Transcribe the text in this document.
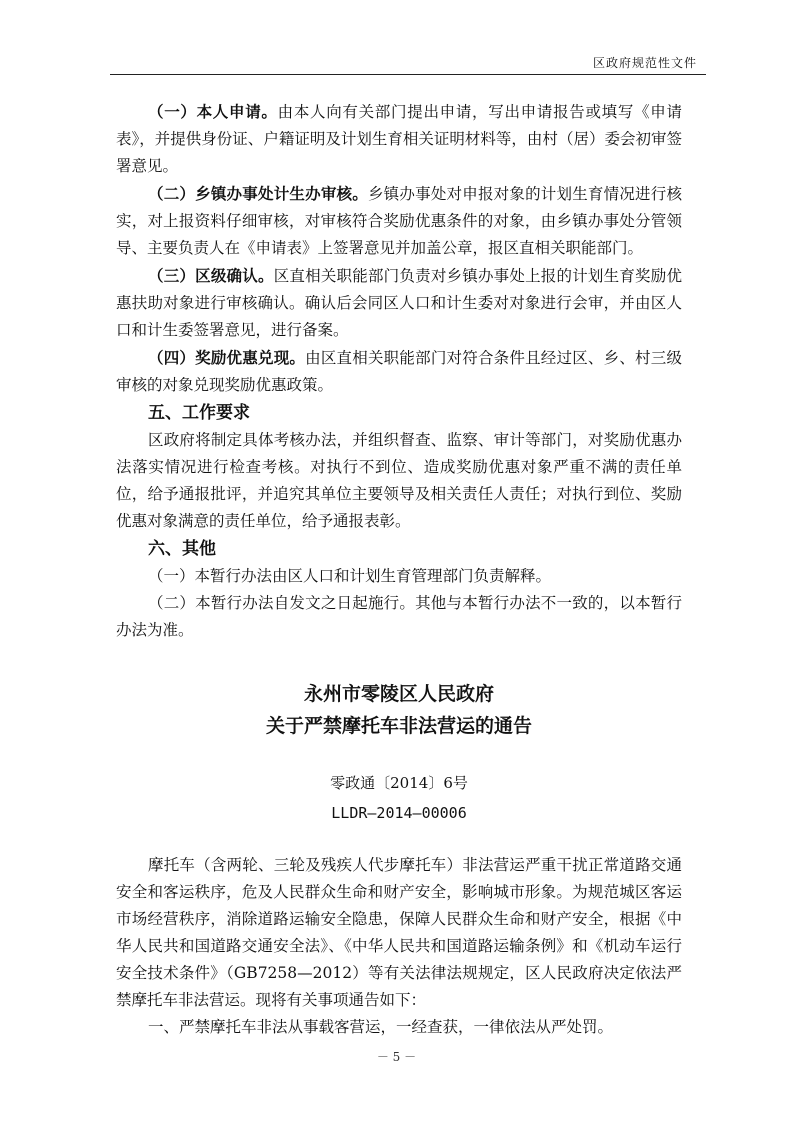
区政府规范性文件

（一）本人申请。由本人向有关部门提出申请，写出申请报告或填写《申请表》，并提供身份证、户籍证明及计划生育相关证明材料等，由村（居）委会初审签署意见。

（二）乡镇办事处计生办审核。乡镇办事处对申报对象的计划生育情况进行核实，对上报资料仔细审核，对审核符合奖励优惠条件的对象，由乡镇办事处分管领导、主要负责人在《申请表》上签署意见并加盖公章，报区直相关职能部门。

（三）区级确认。区直相关职能部门负责对乡镇办事处上报的计划生育奖励优惠扶助对象进行审核确认。确认后会同区人口和计生委对对象进行会审，并由区人口和计生委签署意见，进行备案。

（四）奖励优惠兑现。由区直相关职能部门对符合条件且经过区、乡、村三级审核的对象兑现奖励优惠政策。

五、工作要求

区政府将制定具体考核办法，并组织督查、监察、审计等部门，对奖励优惠办法落实情况进行检查考核。对执行不到位、造成奖励优惠对象严重不满的责任单位，给予通报批评，并追究其单位主要领导及相关责任人责任；对执行到位、奖励优惠对象满意的责任单位，给予通报表彰。

六、其他

（一）本暂行办法由区人口和计划生育管理部门负责解释。

（二）本暂行办法自发文之日起施行。其他与本暂行办法不一致的，以本暂行办法为准。

永州市零陵区人民政府
关于严禁摩托车非法营运的通告

零政通〔2014〕6号

LLDR—2014—00006

摩托车（含两轮、三轮及残疾人代步摩托车）非法营运严重干扰正常道路交通安全和客运秩序，危及人民群众生命和财产安全，影响城市形象。为规范城区客运市场经营秩序，消除道路运输安全隐患，保障人民群众生命和财产安全，根据《中华人民共和国道路交通安全法》、《中华人民共和国道路运输条例》和《机动车运行安全技术条件》（GB7258—2012）等有关法律法规规定，区人民政府决定依法严禁摩托车非法营运。现将有关事项通告如下：

一、严禁摩托车非法从事载客营运，一经查获，一律依法从严处罚。

－ 5 －
